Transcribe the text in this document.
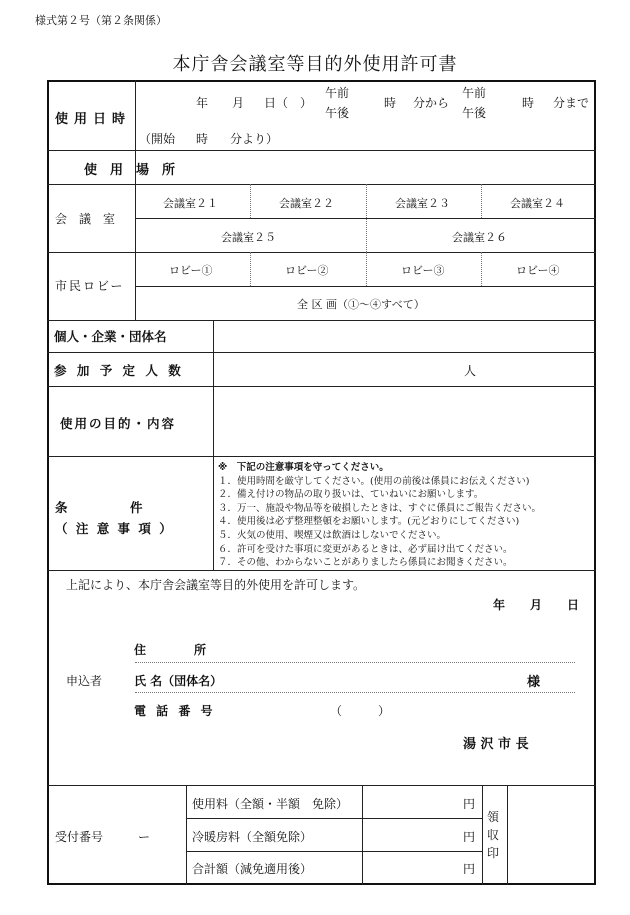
様式第２号（第２条関係）
本庁舎会議室等目的外使用許可書
使用日時
年 月 日（　）
午前
午後
時 分から
午前
午後
時 分まで
（開始 時 分より）
使　用　場　所
会　議　室
会議室２１	会議室２２	会議室２３	会議室２４
会議室２５	会議室２６
市民ロビー
ロビー①	ロビー②	ロビー③	ロビー④
全 区 画（①〜④すべて）
個人・企業・団体名
参 加 予 定 人 数	人
使用の目的・内容
条　　　　　件
（ 注 意 事 項 ）
※　下記の注意事項を守ってください。
１．使用時間を厳守してください。(使用の前後は係員にお伝えください)
２．備え付けの物品の取り扱いは、ていねいにお願いします。
３．万一、施設や物品等を破損したときは、すぐに係員にご報告ください。
４．使用後は必ず整理整頓をお願いします。(元どおりにしてください)
５．火気の使用、喫煙又は飲酒はしないでください。
６．許可を受けた事項に変更があるときは、必ず届け出てください。
７．その他、わからないことがありましたら係員にお聞きください。
上記により、本庁舎会議室等目的外使用を許可します。
年 月 日
申込者
住　　　　所
氏 名（団体名）	様
電 話 番 号	（　　　）
湯 沢 市 長
受付番号	ー
使用料（全額・半額　免除）	円
冷暖房料（全額免除）	円
合計額（減免適用後）	円
領
収
印
